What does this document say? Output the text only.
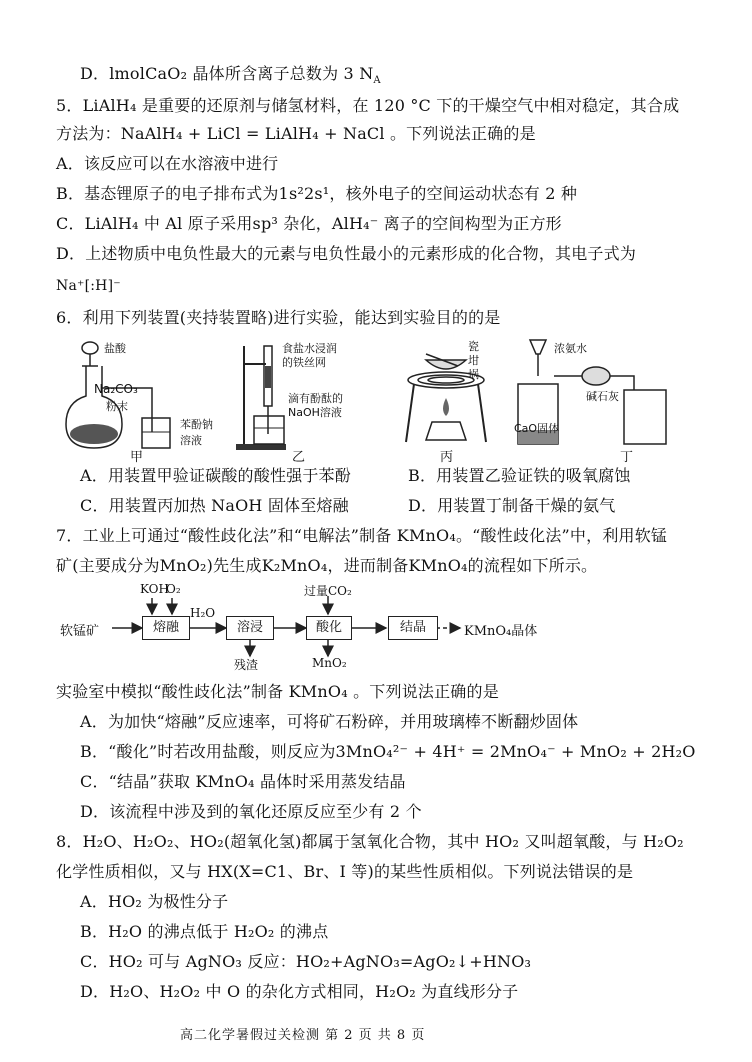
D．lmolCaO₂ 晶体所含离子总数为 3 $N_A$
5．LiAlH₄ 是重要的还原剂与储氢材料，在 120 °C 下的干燥空气中相对稳定，其合成
方法为：NaAlH₄ + LiCl = LiAlH₄ + NaCl 。下列说法正确的是
A．该反应可以在水溶液中进行
B．基态锂原子的电子排布式为1s²2s¹，核外电子的空间运动状态有 2 种
C．LiAlH₄ 中 Al 原子采用sp³ 杂化，AlH₄⁻ 离子的空间构型为正方形
D．上述物质中电负性最大的元素与电负性最小的元素形成的化合物，其电子式为
Na⁺[:H]⁻
6．利用下列装置(夹持装置略)进行实验，能达到实验目的的是
盐酸
Na₂CO₃
粉末
苯酚钠
溶液
甲
食盐水浸润
的铁丝网
滴有酚酞的
NaOH溶液
乙
瓷
坩
埚
丙
浓氨水
碱石灰
CaO固体
丁
A．用装置甲验证碳酸的酸性强于苯酚	B．用装置乙验证铁的吸氧腐蚀
C．用装置丙加热 NaOH 固体至熔融	D．用装置丁制备干燥的氨气
7．工业上可通过“酸性歧化法”和“电解法”制备 KMnO₄。“酸性歧化法”中，利用软锰
矿(主要成分为MnO₂)先生成K₂MnO₄，进而制备KMnO₄的流程如下所示。
软锰矿
KOH
O₂
熔融
H₂O
溶浸
残渣
过量CO₂
酸化
MnO₂
结晶	KMnO₄晶体
实验室中模拟“酸性歧化法”制备 KMnO₄ 。下列说法正确的是
A．为加快“熔融”反应速率，可将矿石粉碎，并用玻璃棒不断翻炒固体
B．“酸化”时若改用盐酸，则反应为3MnO₄²⁻ + 4H⁺ = 2MnO₄⁻ + MnO₂ + 2H₂O
C．“结晶”获取 KMnO₄ 晶体时采用蒸发结晶
D．该流程中涉及到的氧化还原反应至少有 2 个
8．H₂O、H₂O₂、HO₂(超氧化氢)都属于氢氧化合物，其中 HO₂ 又叫超氧酸，与 H₂O₂
化学性质相似，又与 HX(X=C1、Br、I 等)的某些性质相似。下列说法错误的是
A．HO₂ 为极性分子
B．H₂O 的沸点低于 H₂O₂ 的沸点
C．HO₂ 可与 AgNO₃ 反应：HO₂+AgNO₃=AgO₂↓+HNO₃
D．H₂O、H₂O₂ 中 O 的杂化方式相同，H₂O₂ 为直线形分子
高二化学暑假过关检测 第 2 页 共 8 页
